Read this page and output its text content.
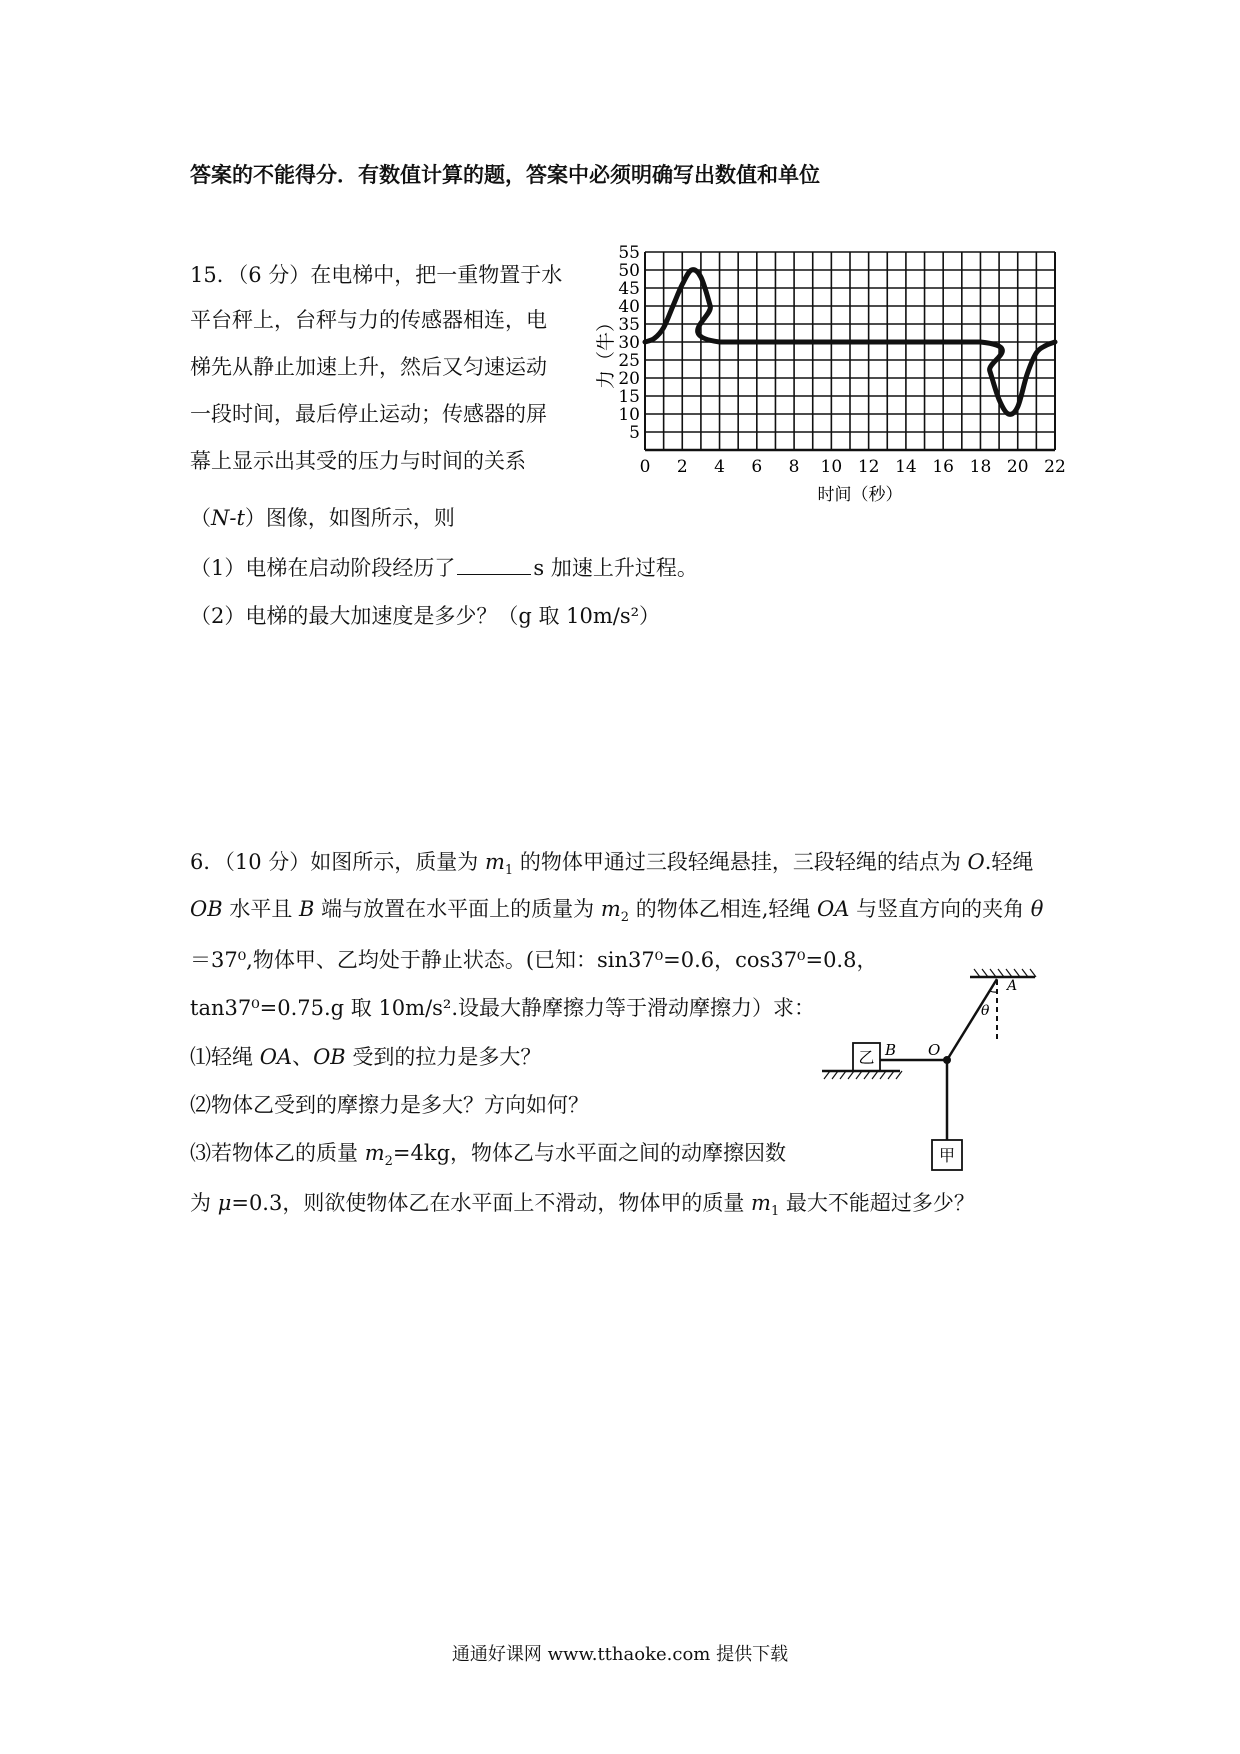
答案的不能得分．有数值计算的题，答案中必须明确写出数值和单位
15．（6 分）在电梯中，把一重物置于水
平台秤上，台秤与力的传感器相连，电
梯先从静止加速上升，然后又匀速运动
一段时间，最后停止运动；传感器的屏
幕上显示出其受的压力与时间的关系
（N-t）图像，如图所示，则
（1）电梯在启动阶段经历了	s 加速上升过程。
（2）电梯的最大加速度是多少？（g 取 10m/s²）
5
10
15
20
25
30
35
40
45
50
55
0 2 4 6 8 10 12 14 16 18 20 22
力（牛）
时间（秒）
6．（10 分）如图所示，质量为 $m_1$ 的物体甲通过三段轻绳悬挂，三段轻绳的结点为 O.轻绳
OB 水平且 B 端与放置在水平面上的质量为 $m_2$ 的物体乙相连,轻绳 OA 与竖直方向的夹角 θ
＝37⁰,物体甲、乙均处于静止状态。(已知：sin37⁰=0.6，cos37⁰=0.8，
tan37⁰=0.75.g 取 10m/s².设最大静摩擦力等于滑动摩擦力）求：
⑴轻绳 OA、OB 受到的拉力是多大？
⑵物体乙受到的摩擦力是多大？方向如何？
⑶若物体乙的质量 $m_2=4kg$，物体乙与水平面之间的动摩擦因数
为 μ=0.3，则欲使物体乙在水平面上不滑动，物体甲的质量 $m_1$ 最大不能超过多少？
A
θ
O
B
乙
甲
通通好课网 www.tthaoke.com 提供下载
